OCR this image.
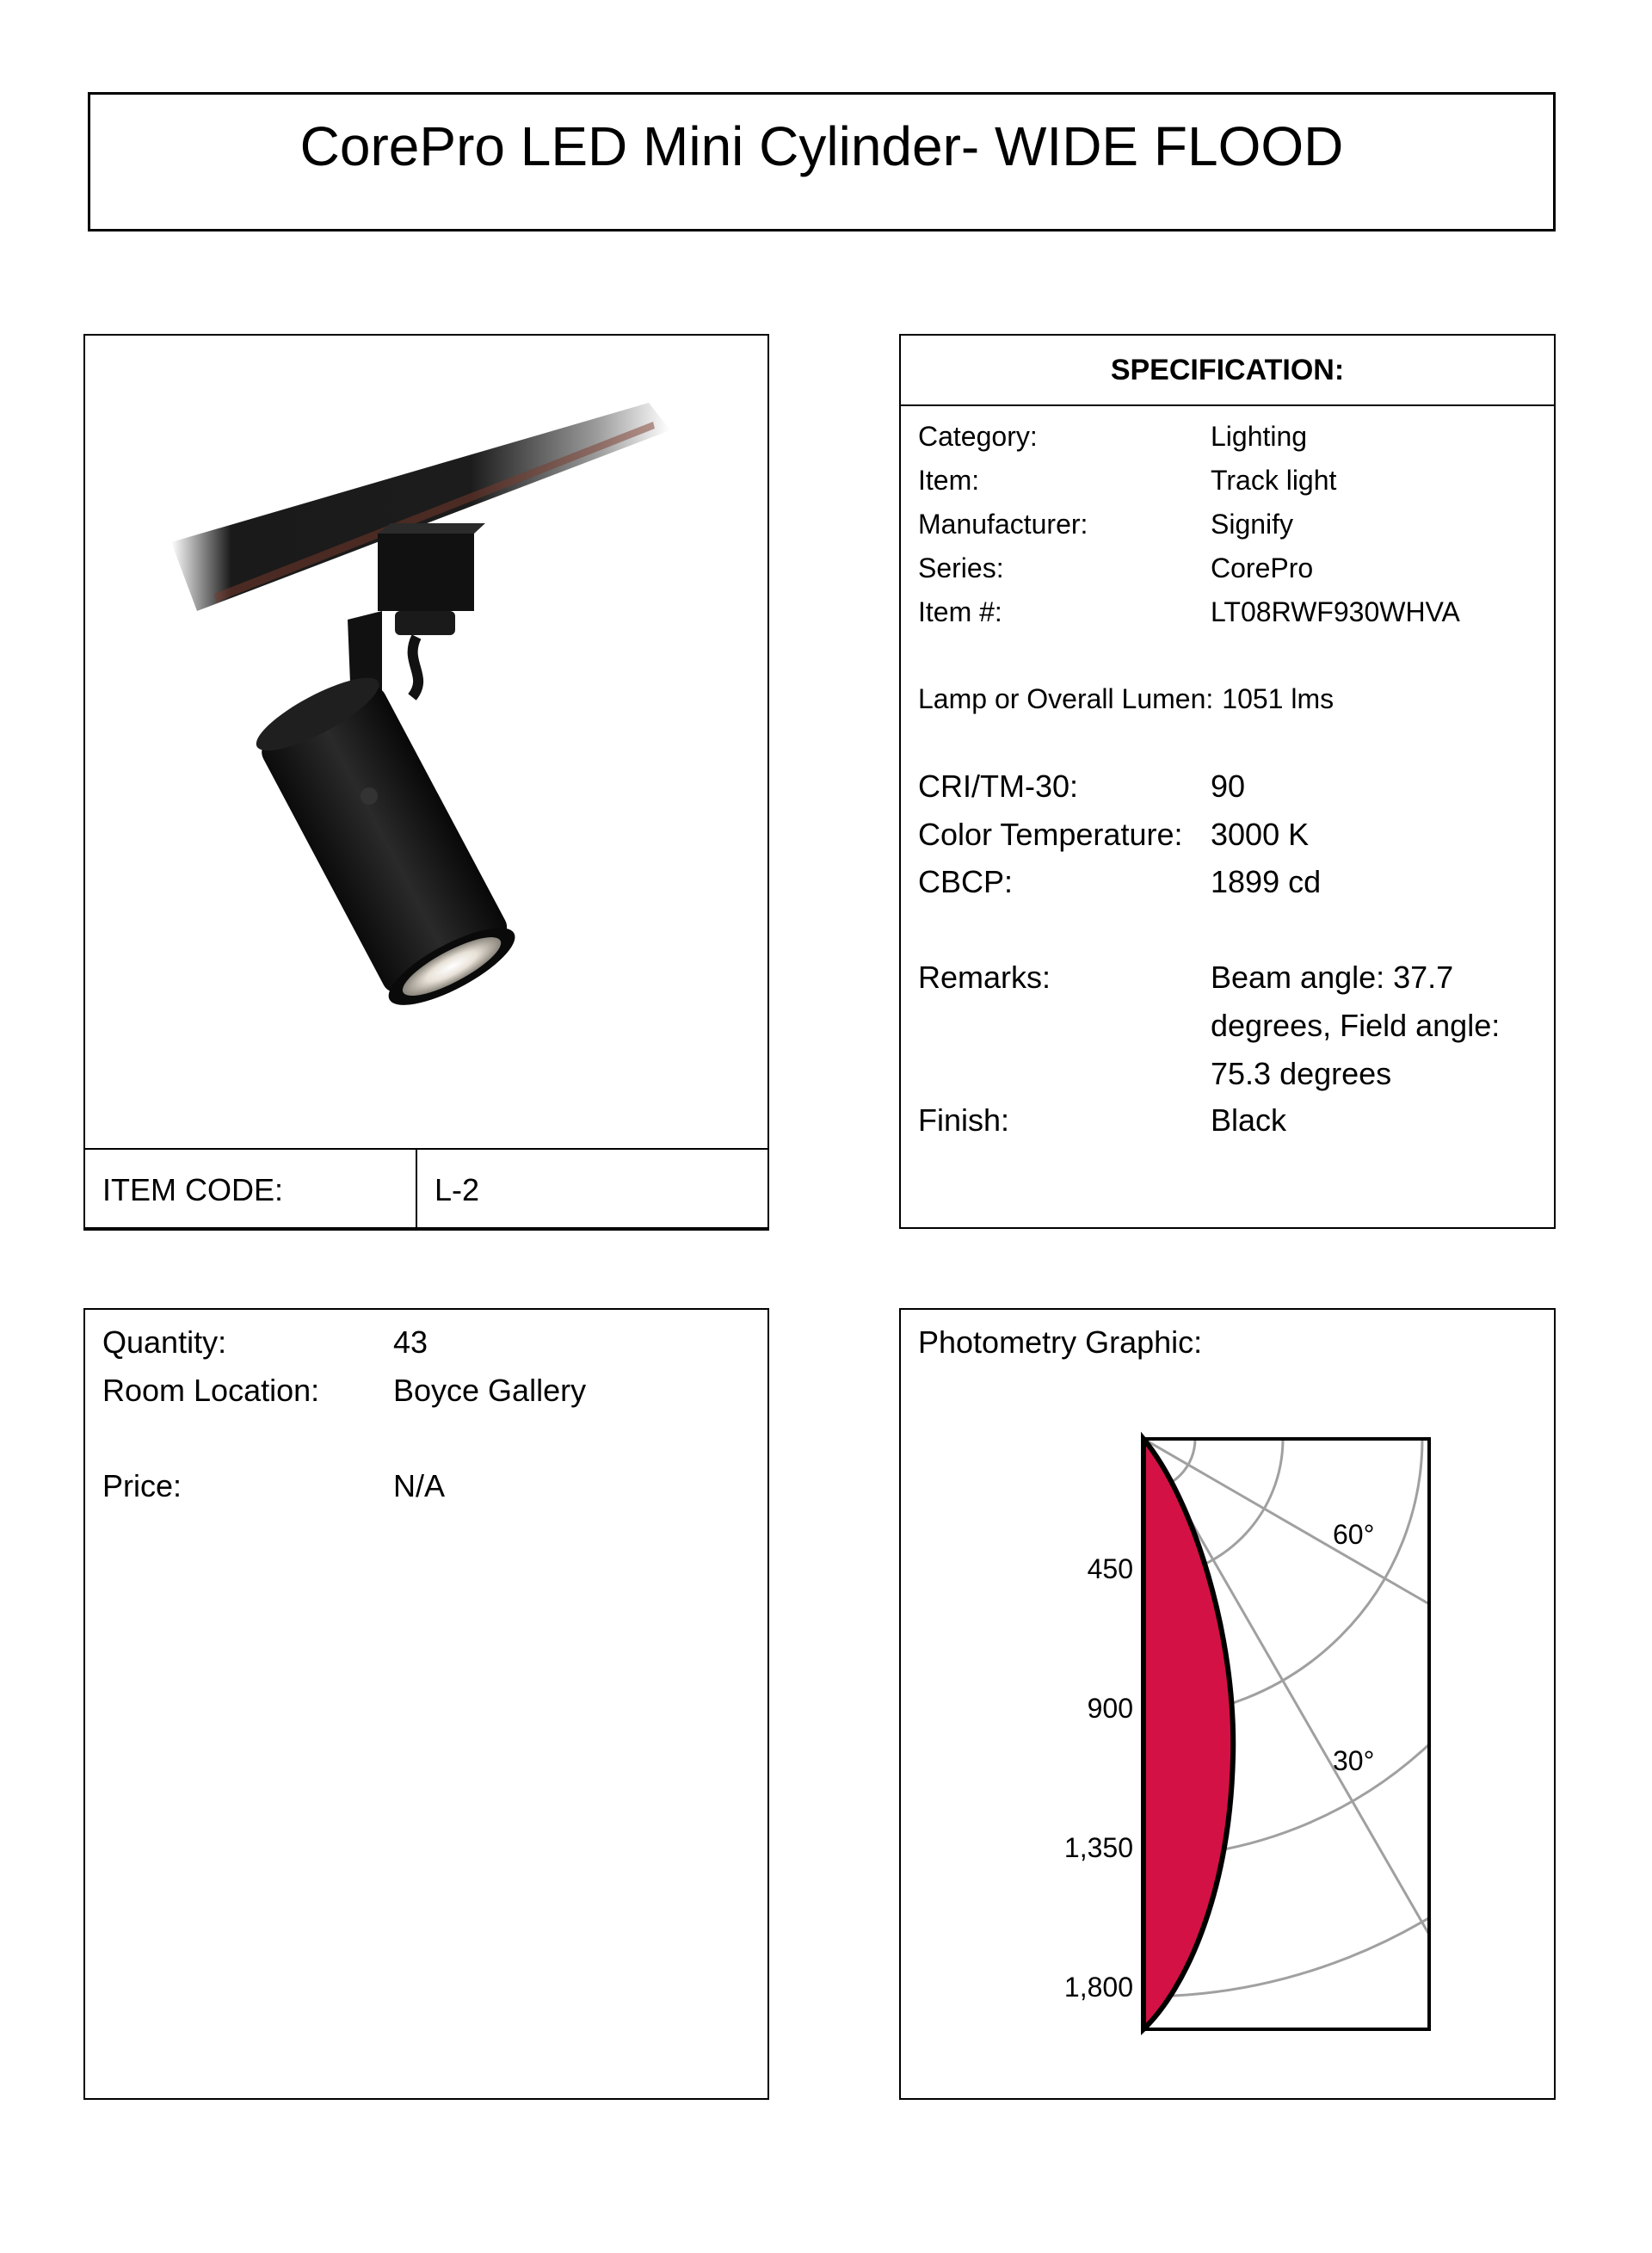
CorePro LED Mini Cylinder- WIDE FLOOD
ITEM CODE:	L-2
SPECIFICATION:
Category:	Lighting
Item:	Track light
Manufacturer:	Signify
Series:	CorePro
Item #:	LT08RWF930WHVA
Lamp or Overall Lumen: 1051 lms
CRI/TM-30:	90
Color Temperature: 3000 K
CBCP:	1899 cd
Remarks:	Beam angle: 37.7
degrees, Field angle:
75.3 degrees
Finish:	Black
Quantity:	43
Room Location:	Boyce Gallery
Price:	N/A
Photometry Graphic:
450
900
1,350
1,800
60°
30°
